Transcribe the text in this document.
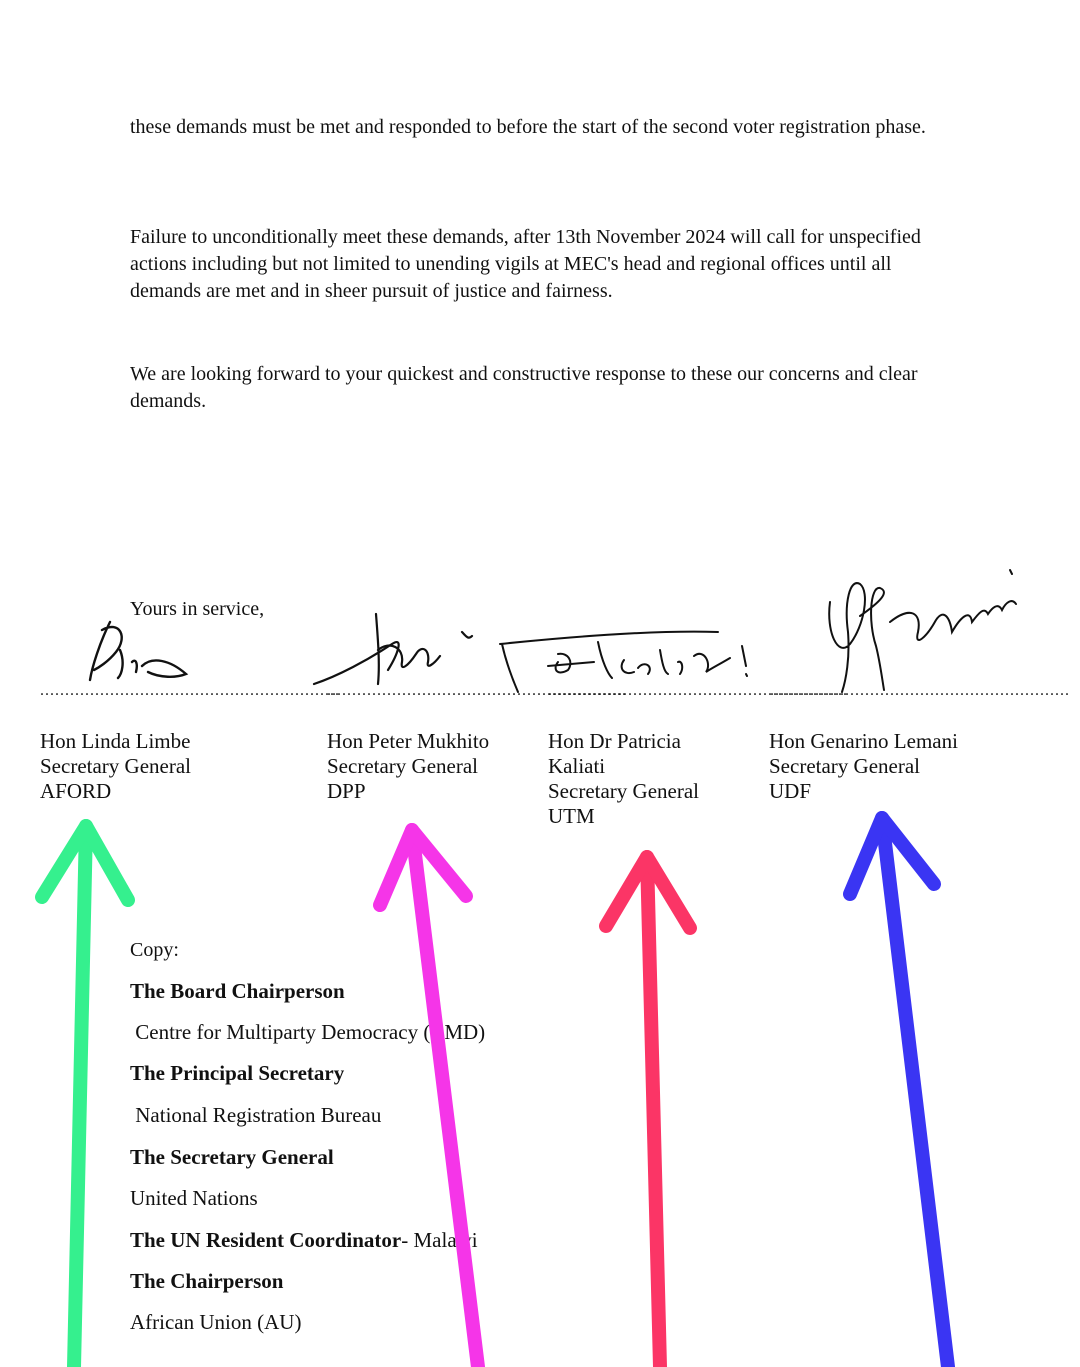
these demands must be met and responded to before the start of the second voter registration phase.

Failure to unconditionally meet these demands, after 13th November 2024 will call for unspecified actions including but not limited to unending vigils at MEC's head and regional offices until all demands are met and in sheer pursuit of justice and fairness.

We are looking forward to your quickest and constructive response to these our concerns and clear demands.

Yours in service,
............................................................
............................................................
............................................................
............................................................
Hon Linda Limbe
Secretary General
AFORD
Hon Peter Mukhito
Secretary General
DPP
Hon Dr Patricia
Kaliati
Secretary General
UTM
Hon Genarino Lemani
Secretary General
UDF
Copy:
The Board Chairperson
Centre for Multiparty Democracy (CMD)
The Principal Secretary
National Registration Bureau
The Secretary General
United Nations
The UN Resident Coordinator- Malawi
The Chairperson
African Union (AU)
